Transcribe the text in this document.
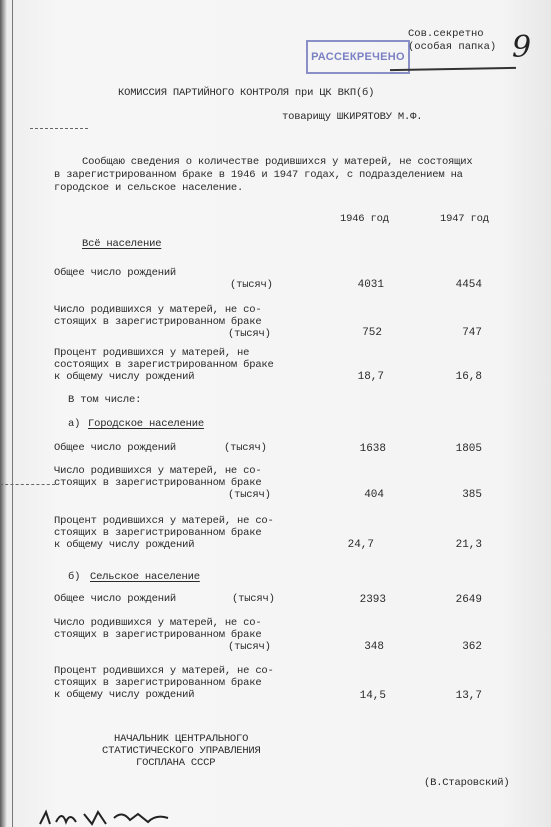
РАССЕКРЕЧЕНО
Сов.секретно
(особая папка) 9
КОМИССИЯ ПАРТИЙНОГО КОНТРОЛЯ при ЦК ВКП(б)
товарищу ШКИРЯТОВУ М.Ф.
Сообщаю сведения о количестве родившихся у матерей, не состоящих
в зарегистрированном браке в 1946 и 1947 годах, с подразделением на
городское и сельское население.
1946 год	1947 год
Всё население
Общее число рождений
(тысяч)	4031	4454
Число родившихся у матерей, не со-
стоящих в зарегистрированном браке
(тысяч)	752	747
Процент родившихся у матерей, не
состоящих в зарегистрированном браке
к общему числу рождений	18,7	16,8
В том числе:
а) Городское население
Общее число рождений	(тысяч)	1638	1805
Число родившихся у матерей, не со-
стоящих в зарегистрированном браке
(тысяч)	404	385
Процент родившихся у матерей, не со-
стоящих в зарегистрированном браке
к общему числу рождений	24,7	21,3
б) Сельское население
Общее число рождений	(тысяч)	2393	2649
Число родившихся у матерей, не со-
стоящих в зарегистрированном браке
(тысяч)	348	362
Процент родившихся у матерей, не со-
стоящих в зарегистрированном браке
к общему числу рождений	14,5	13,7
НАЧАЛЬНИК ЦЕНТРАЛЬНОГО
СТАТИСТИЧЕСКОГО УПРАВЛЕНИЯ
ГОСПЛАНА СССР
(В.Старовский)
